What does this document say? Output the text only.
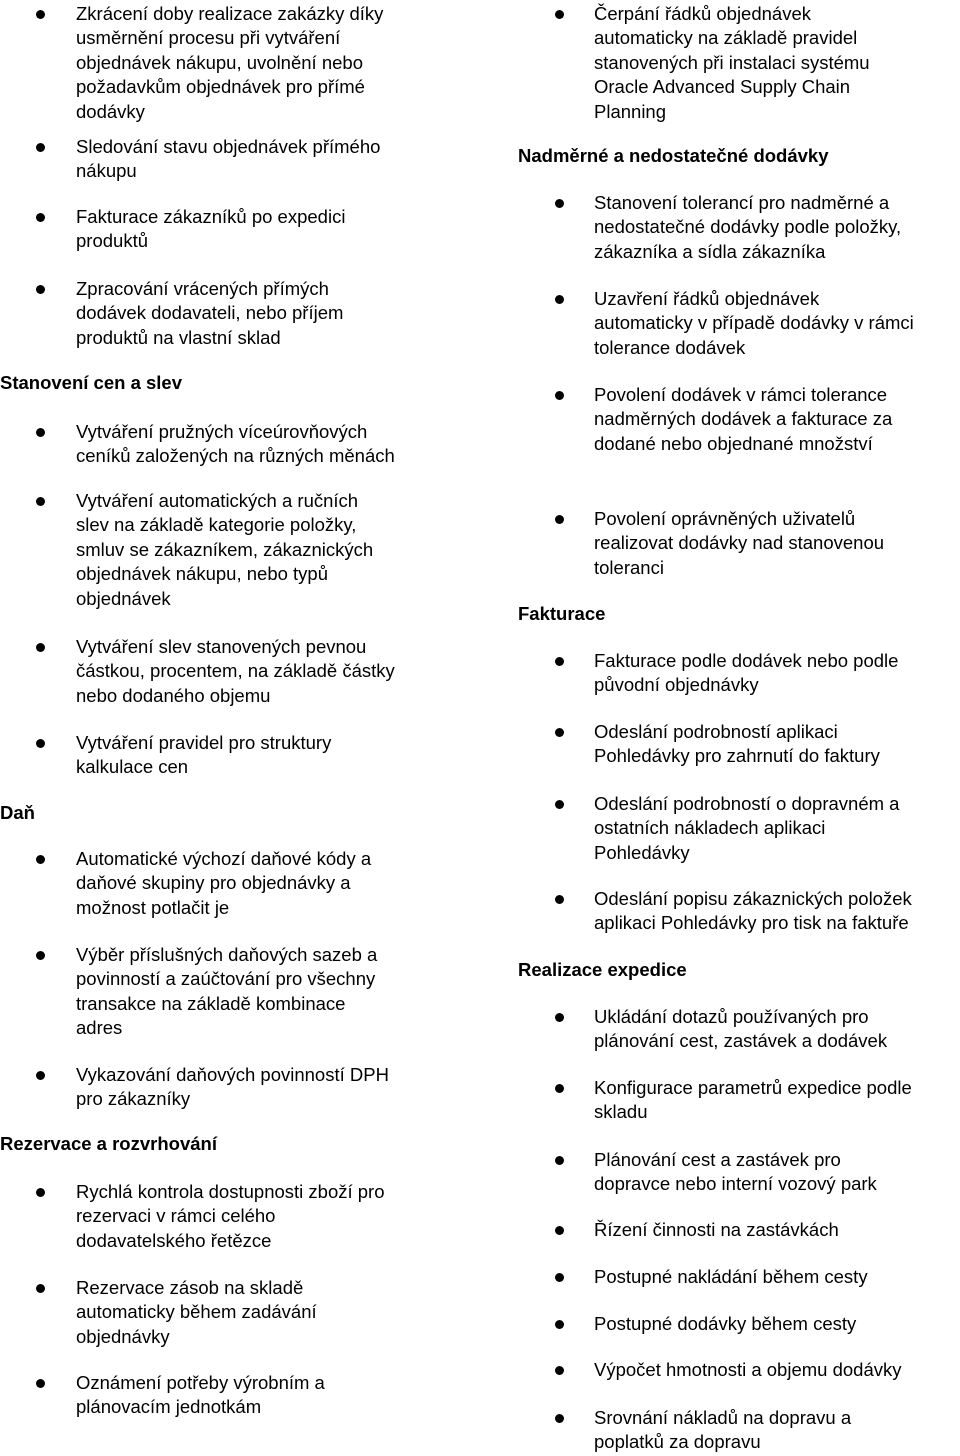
Zkrácení doby realizace zakázky díky
usměrnění procesu při vytváření
objednávek nákupu, uvolnění nebo
požadavkům objednávek pro přímé
dodávky

Sledování stavu objednávek přímého
nákupu

Fakturace zákazníků po expedici
produktů

Zpracování vrácených přímých
dodávek dodavateli, nebo příjem
produktů na vlastní sklad

Stanovení cen a slev

Vytváření pružných víceúrovňových
ceníků založených na různých měnách

Vytváření automatických a ručních
slev na základě kategorie položky,
smluv se zákazníkem, zákaznických
objednávek nákupu, nebo typů
objednávek

Vytváření slev stanovených pevnou
částkou, procentem, na základě částky
nebo dodaného objemu

Vytváření pravidel pro struktury
kalkulace cen

Daň

Automatické výchozí daňové kódy a
daňové skupiny pro objednávky a
možnost potlačit je

Výběr příslušných daňových sazeb a
povinností a zaúčtování pro všechny
transakce na základě kombinace
adres

Vykazování daňových povinností DPH
pro zákazníky

Rezervace a rozvrhování

Rychlá kontrola dostupnosti zboží pro
rezervaci v rámci celého
dodavatelského řetězce

Rezervace zásob na skladě
automaticky během zadávání
objednávky

Oznámení potřeby výrobním a
plánovacím jednotkám

Čerpání řádků objednávek
automaticky na základě pravidel
stanovených při instalaci systému
Oracle Advanced Supply Chain
Planning

Nadměrné a nedostatečné dodávky

Stanovení tolerancí pro nadměrné a
nedostatečné dodávky podle položky,
zákazníka a sídla zákazníka

Uzavření řádků objednávek
automaticky v případě dodávky v rámci
tolerance dodávek

Povolení dodávek v rámci tolerance
nadměrných dodávek a fakturace za
dodané nebo objednané množství

Povolení oprávněných uživatelů
realizovat dodávky nad stanovenou
toleranci

Fakturace

Fakturace podle dodávek nebo podle
původní objednávky

Odeslání podrobností aplikaci
Pohledávky pro zahrnutí do faktury

Odeslání podrobností o dopravném a
ostatních nákladech aplikaci
Pohledávky

Odeslání popisu zákaznických položek
aplikaci Pohledávky pro tisk na faktuře

Realizace expedice

Ukládání dotazů používaných pro
plánování cest, zastávek a dodávek

Konfigurace parametrů expedice podle
skladu

Plánování cest a zastávek pro
dopravce nebo interní vozový park

Řízení činnosti na zastávkách

Postupné nakládání během cesty

Postupné dodávky během cesty

Výpočet hmotnosti a objemu dodávky

Srovnání nákladů na dopravu a
poplatků za dopravu
